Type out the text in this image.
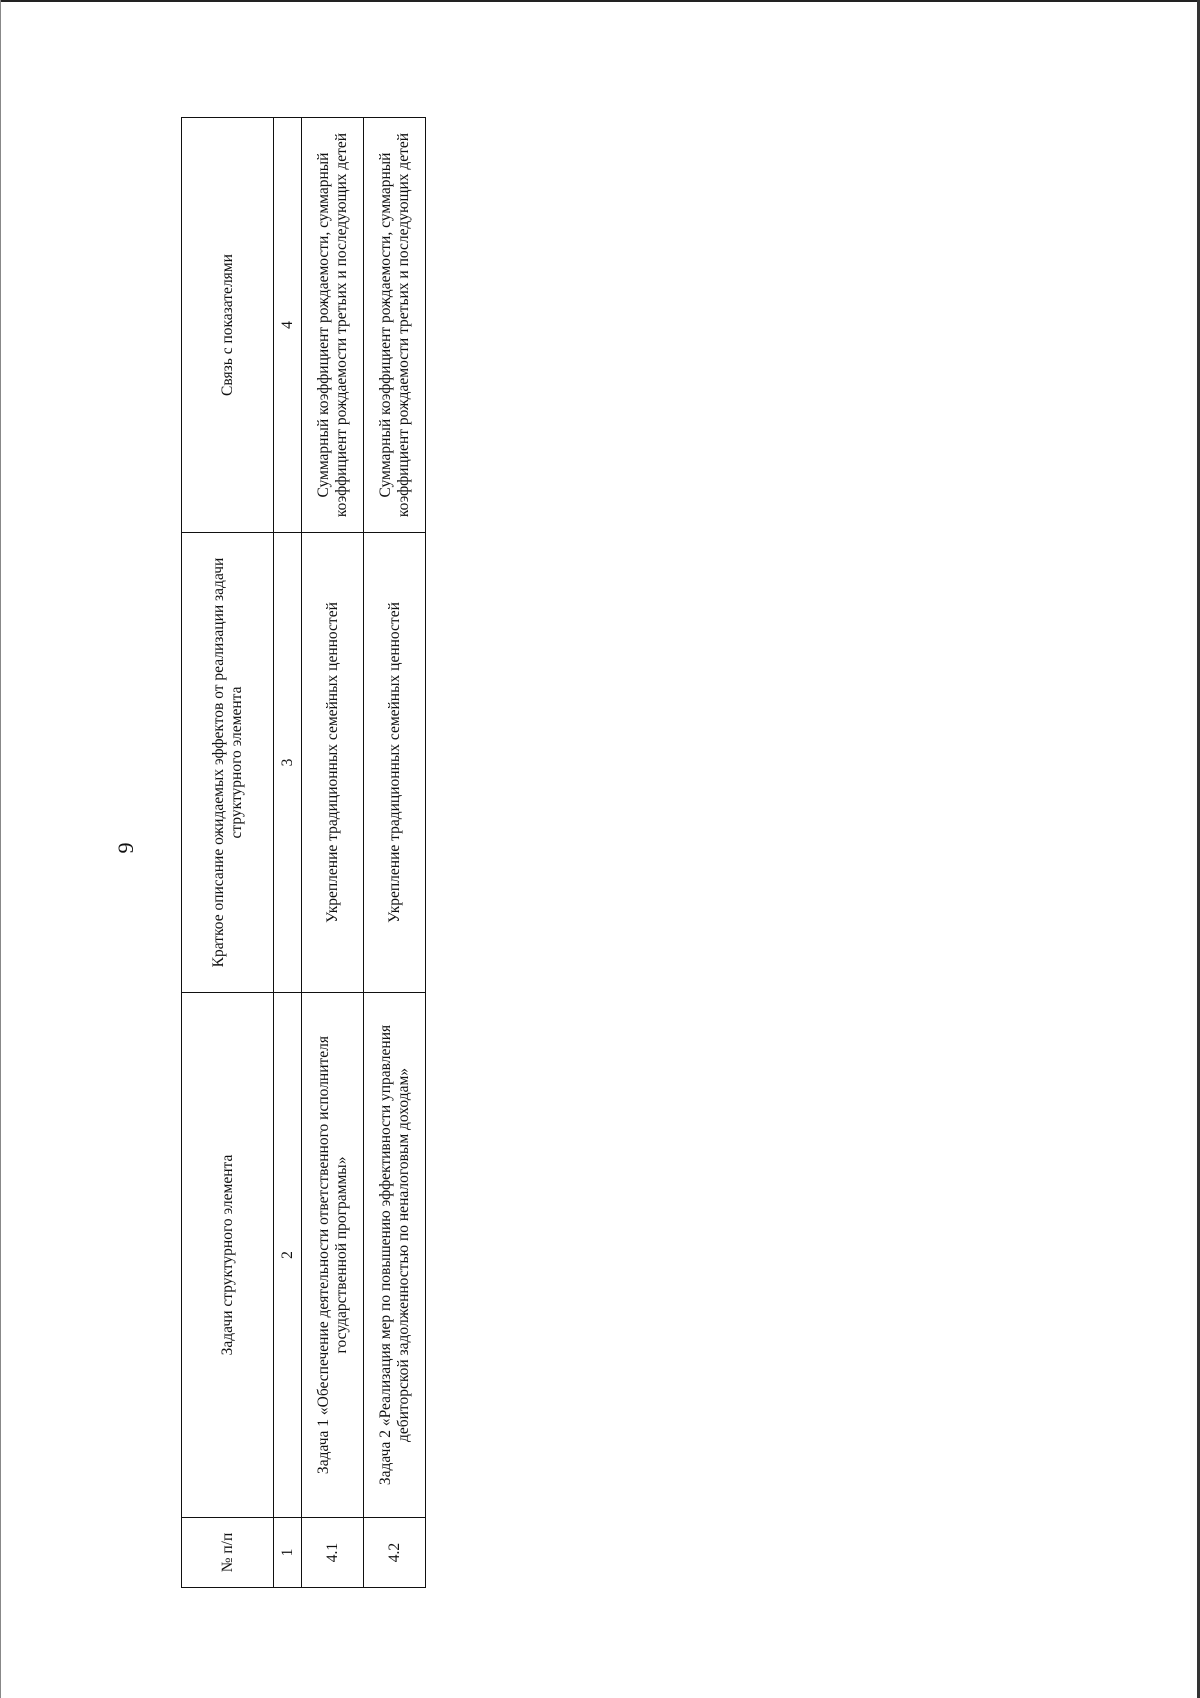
9
№ п/п	Задачи структурного элемента	Краткое описание ожидаемых эффектов от реализации задачи структурного элемента	Связь с показателями
1	2	3	4
4.1	Задача 1 «Обеспечение деятельности ответственного исполнителя государственной программы»	Укрепление традиционных семейных ценностей	Суммарный коэффициент рождаемости, суммарный коэффициент рождаемости третьих и последующих детей
4.2	Задача 2 «Реализация мер по повышению эффективности управления дебиторской задолженностью по неналоговым доходам»	Укрепление традиционных семейных ценностей	Суммарный коэффициент рождаемости, суммарный коэффициент рождаемости третьих и последующих детей
